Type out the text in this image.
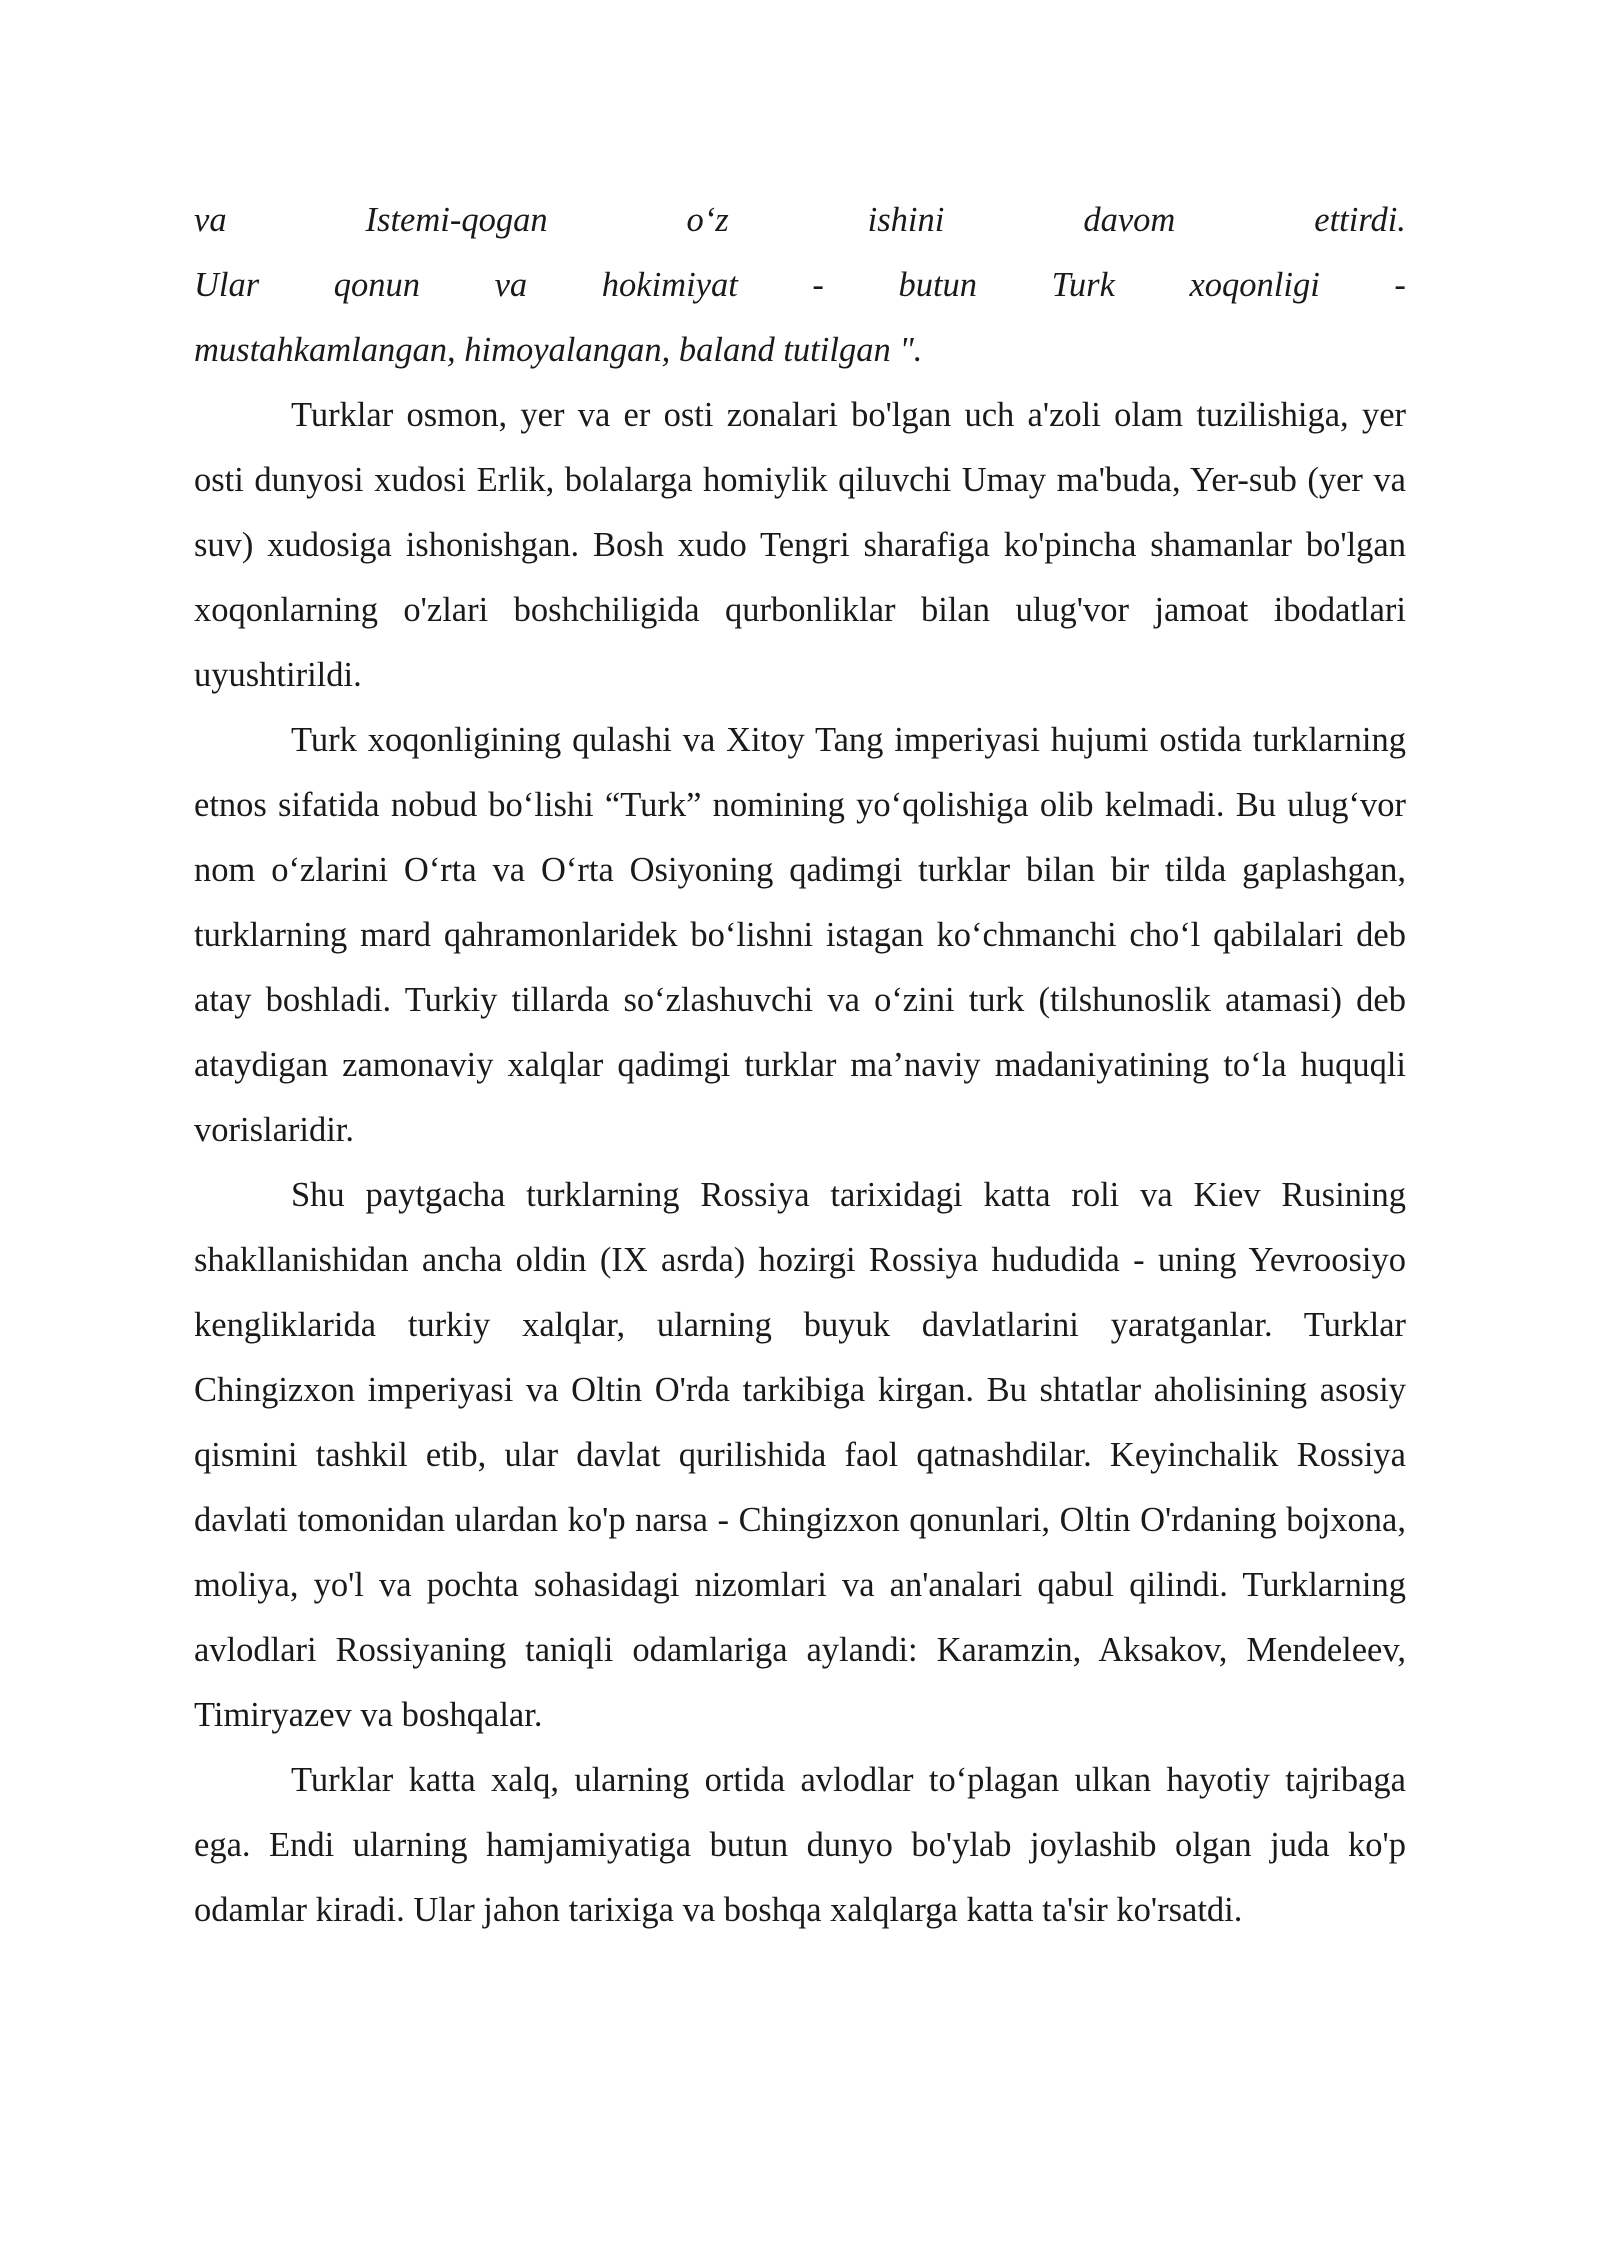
va	Istemi-qogan	o‘z	ishini	davom	ettirdi.

Ular qonun va hokimiyat - butun Turk xoqonligi -

mustahkamlangan, himoyalangan, baland tutilgan ".

Turklar osmon, yer va er osti zonalari bo'lgan uch a'zoli olam tuzilishiga, yer osti dunyosi xudosi Erlik, bolalarga homiylik qiluvchi Umay ma'buda, Yer-sub (yer va suv) xudosiga ishonishgan. Bosh xudo Tengri sharafiga ko'pincha shamanlar bo'lgan xoqonlarning o'zlari boshchiligida qurbonliklar bilan ulug'vor jamoat ibodatlari uyushtirildi.

Turk xoqonligining qulashi va Xitoy Tang imperiyasi hujumi ostida turklarning etnos sifatida nobud bo‘lishi “Turk” nomining yo‘qolishiga olib kelmadi. Bu ulug‘vor nom o‘zlarini O‘rta va O‘rta Osiyoning qadimgi turklar bilan bir tilda gaplashgan, turklarning mard qahramonlaridek bo‘lishni istagan ko‘chmanchi cho‘l qabilalari deb atay boshladi. Turkiy tillarda so‘zlashuvchi va o‘zini turk (tilshunoslik atamasi) deb ataydigan zamonaviy xalqlar qadimgi turklar ma’naviy madaniyatining to‘la huquqli vorislaridir.

Shu paytgacha turklarning Rossiya tarixidagi katta roli va Kiev Rusining shakllanishidan ancha oldin (IX asrda) hozirgi Rossiya hududida - uning Yevroosiyo kengliklarida turkiy xalqlar, ularning buyuk davlatlarini yaratganlar. Turklar Chingizxon imperiyasi va Oltin O'rda tarkibiga kirgan. Bu shtatlar aholisining asosiy qismini tashkil etib, ular davlat qurilishida faol qatnashdilar. Keyinchalik Rossiya davlati tomonidan ulardan ko'p narsa - Chingizxon qonunlari, Oltin O'rdaning bojxona, moliya, yo'l va pochta sohasidagi nizomlari va an'analari qabul qilindi. Turklarning avlodlari Rossiyaning taniqli odamlariga aylandi: Karamzin, Aksakov, Mendeleev, Timiryazev va boshqalar.

Turklar katta xalq, ularning ortida avlodlar to‘plagan ulkan hayotiy tajribaga ega. Endi ularning hamjamiyatiga butun dunyo bo'ylab joylashib olgan juda ko'p odamlar kiradi. Ular jahon tarixiga va boshqa xalqlarga katta ta'sir ko'rsatdi.
